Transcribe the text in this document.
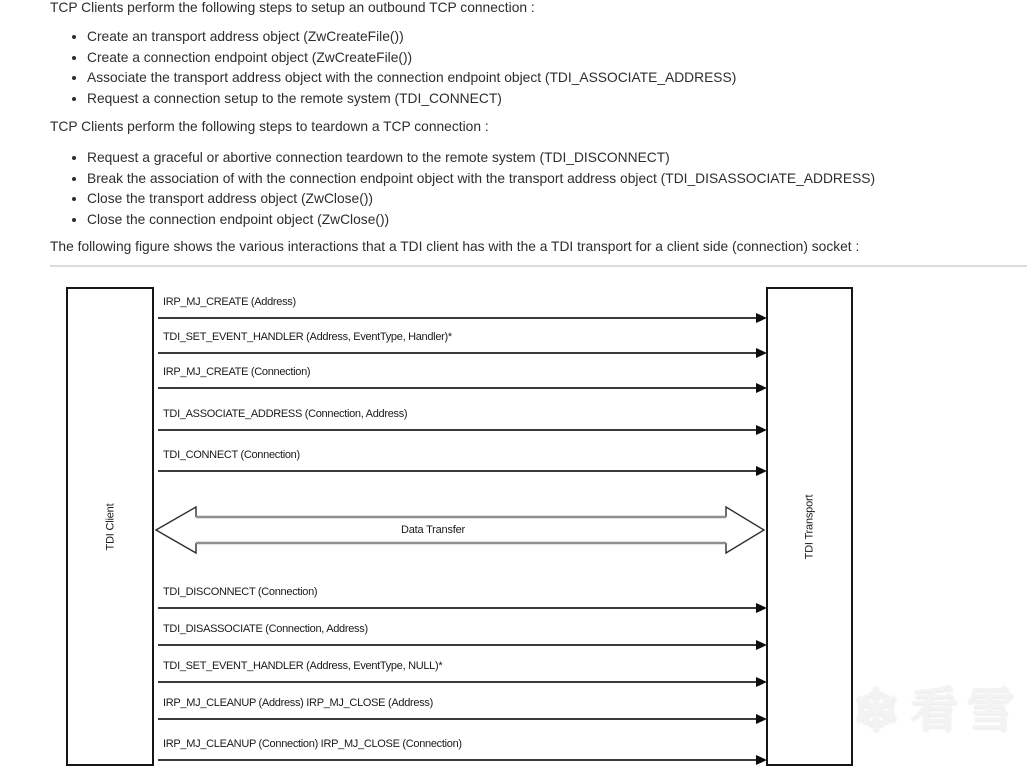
TCP Clients perform the following steps to setup an outbound TCP connection :

• Create an transport address object (ZwCreateFile())
• Create a connection endpoint object (ZwCreateFile())
• Associate the transport address object with the connection endpoint object (TDI_ASSOCIATE_ADDRESS)
• Request a connection setup to the remote system (TDI_CONNECT)

TCP Clients perform the following steps to teardown a TCP connection :

• Request a graceful or abortive connection teardown to the remote system (TDI_DISCONNECT)
• Break the association of with the connection endpoint object with the transport address object (TDI_DISASSOCIATE_ADDRESS)
• Close the transport address object (ZwClose())
• Close the connection endpoint object (ZwClose())

The following figure shows the various interactions that a TDI client has with the a TDI transport for a client side (connection) socket :

TDI Client	TDI Transport
IRP_MJ_CREATE (Address)
TDI_SET_EVENT_HANDLER (Address, EventType, Handler)*
IRP_MJ_CREATE (Connection)
TDI_ASSOCIATE_ADDRESS (Connection, Address)
TDI_CONNECT (Connection)
Data Transfer
TDI_DISCONNECT (Connection)
TDI_DISASSOCIATE (Connection, Address)
TDI_SET_EVENT_HANDLER (Address, EventType, NULL)*
IRP_MJ_CLEANUP (Address) IRP_MJ_CLOSE (Address)
IRP_MJ_CLEANUP (Connection) IRP_MJ_CLOSE (Connection)
❄ 看雪
